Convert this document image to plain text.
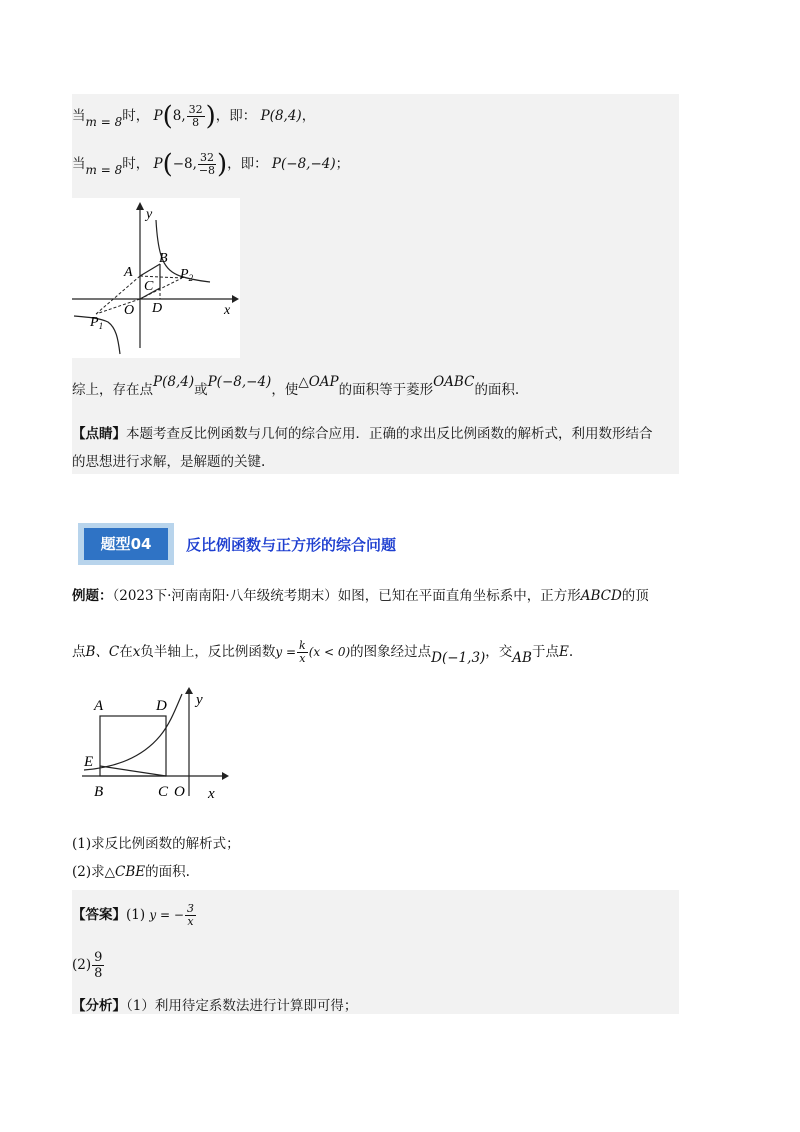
当m = 8时， P(8, $\frac{32}{8}$ )，即： P(8,4)，
当m = 8时， P(−8, $\frac{32}{-8}$ )，即： P(−8,−4)；
y
x
A
B
C
D
O
$P_1$
$P_2$
综上，存在点P(8,4)或P(−8,−4)，使△OAP的面积等于菱形OABC的面积.
【点睛】本题考查反比例函数与几何的综合应用．正确的求出反比例函数的解析式，利用数形结合
的思想进行求解，是解题的关键.
题型04	反比例函数与正方形的综合问题
例题：（2023下·河南南阳·八年级统考期末）如图，已知在平面直角坐标系中，正方形ABCD的顶
点B、C在x负半轴上，反比例函数$y = \frac{k}{x} (x < 0)$的图象经过点D(−1,3)，交AB于点E.
A	D y
E
B	C O x
(1)求反比例函数的解析式；
(2)求△CBE的面积.
【答案】(1) y = − $\frac{3}{x}$
$(2) \frac{9}{8}$
【分析】（1）利用待定系数法进行计算即可得；
